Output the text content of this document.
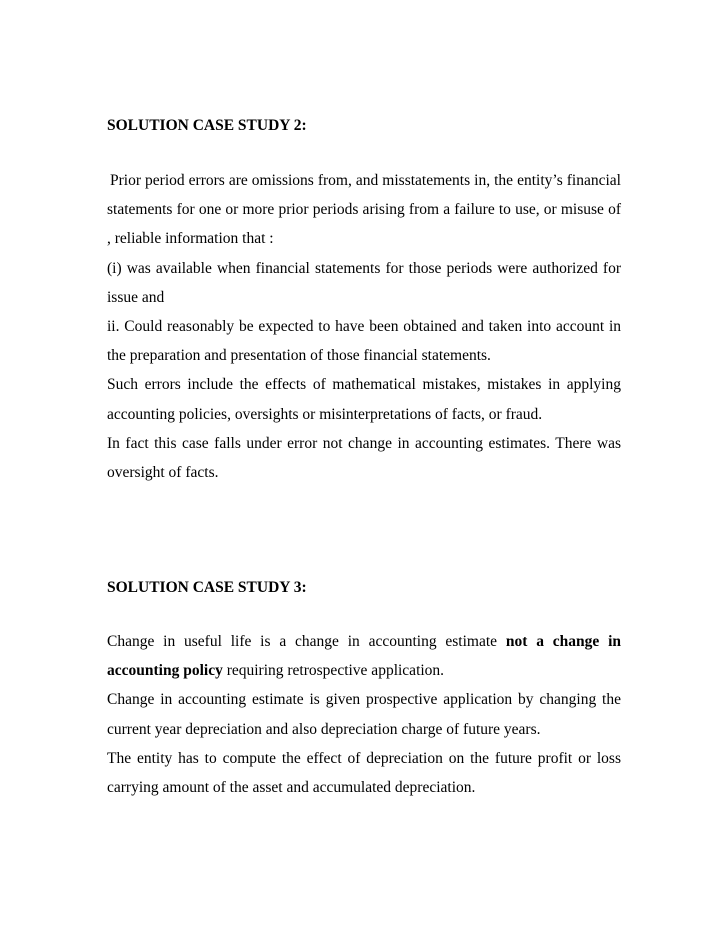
SOLUTION CASE STUDY 2:

Prior period errors are omissions from, and misstatements in, the entity’s financial statements for one or more prior periods arising from a failure to use, or misuse of , reliable information that :

(i) was available when financial statements for those periods were authorized for issue and

ii. Could reasonably be expected to have been obtained and taken into account in the preparation and presentation of those financial statements.

Such errors include the effects of mathematical mistakes, mistakes in applying accounting policies, oversights or misinterpretations of facts, or fraud.

In fact this case falls under error not change in accounting estimates. There was oversight of facts.

SOLUTION CASE STUDY 3:

Change in useful life is a change in accounting estimate not a change in accounting policy requiring retrospective application.

Change in accounting estimate is given prospective application by changing the current year depreciation and also depreciation charge of future years.

The entity has to compute the effect of depreciation on the future profit or loss carrying amount of the asset and accumulated depreciation.
